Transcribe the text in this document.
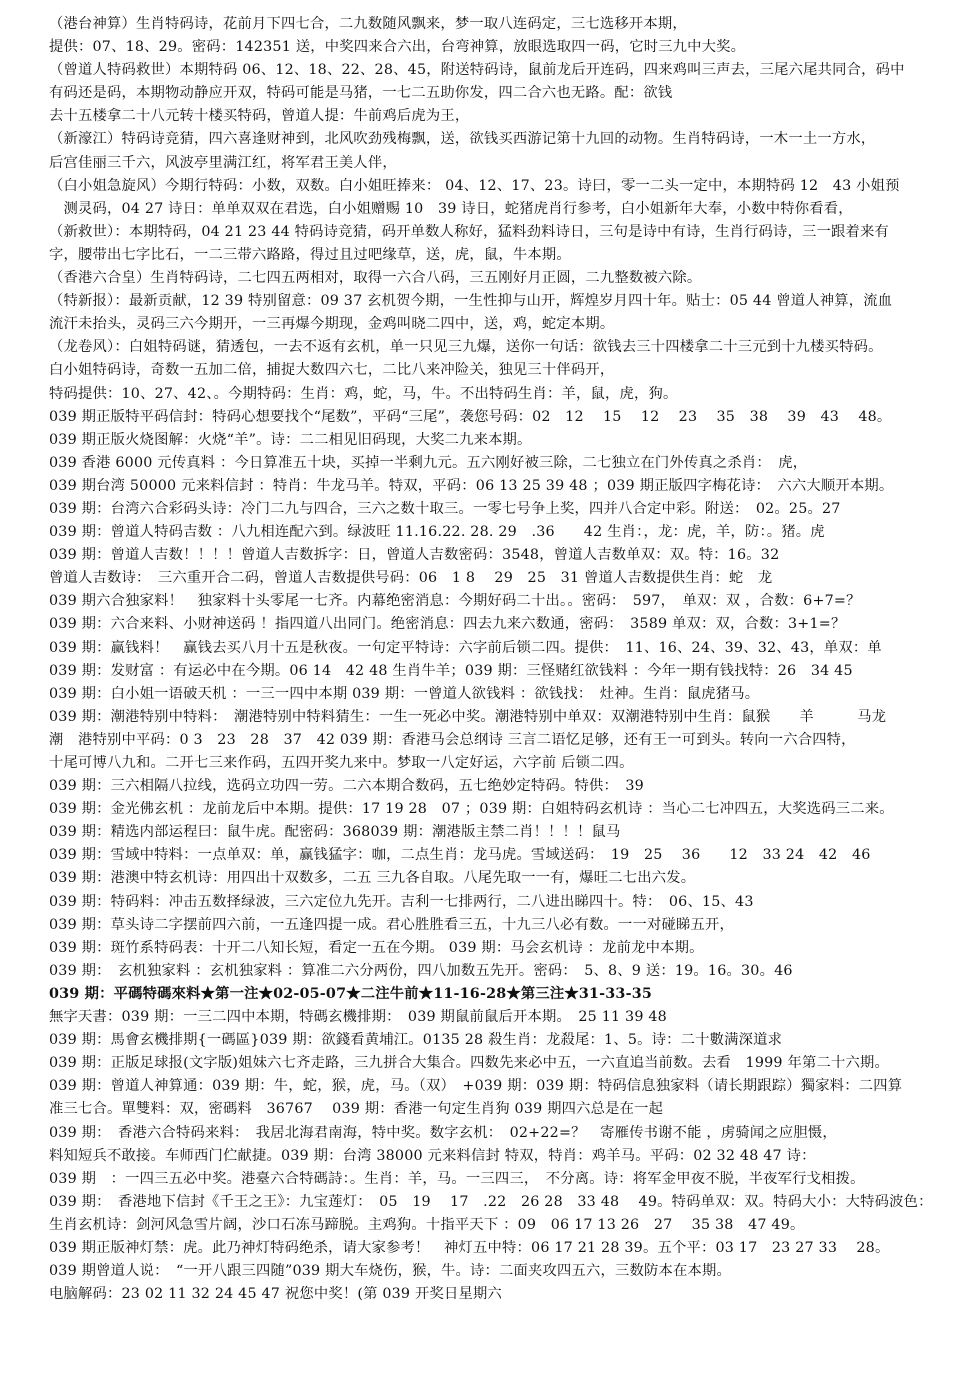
（港台神算）生肖特码诗，花前月下四七合，二九数随风飘来，梦一取八连码定，三七选移开本期，
提供：07、18、29。密码：142351 送，中奖四来合六出，台弯神算，放眼选取四一码，它时三九中大奖。
（曾道人特码救世）本期特码 06、12、18、22、28、45，附送特码诗，鼠前龙后开连码，四来鸡叫三声去，三尾六尾共同合，码中
有码还是码，本期物动静应开双，特码可能是马猪，一七二五助你发，四二合六也无路。配：欲钱
去十五楼拿二十八元转十楼买特码，曾道人提：牛前鸡后虎为王，
（新濠江）特码诗竞猜，四六喜逢财神到，北风吹劲残梅飘，送，欲钱买西游记第十九回的动物。生肖特码诗，一木一土一方水，
后宫佳丽三千六，风波亭里满江红，将军君王美人伴，
（白小姐急旋风）今期行特码：小数，双数。白小姐旺捧来： 04、12、17、23。诗曰，零一二头一定中，本期特码 12　43 小姐预
　测灵码，04 27 诗日：单单双双在君选，白小姐赠赐 10　39 诗日，蛇猪虎肖行参考，白小姐新年大奉，小数中特你看看，
（新救世）：本期特码，04 21 23 44 特码诗竞猜，码开单数人称好，猛料劲料诗日，三句是诗中有诗，生肖行码诗，三一跟着来有
字，腰带出七字比石，一二三带六路路，得过且过吧缘草，送，虎，鼠，牛本期。
（香港六合皇）生肖特码诗，二七四五两相对，取得一六合八码，三五刚好月正圆，二九整数被六除。
（特新报）：最新贡献，12 39 特别留意：09 37 玄机贺今期，一生性抑与山开，辉煌岁月四十年。贴士：05 44 曾道人神算，流血
流汗未抬头，灵码三六今期开，一三再爆今期现，金鸡叫晓二四中，送，鸡，蛇定本期。
（龙卷风）：白姐特码谜，猜透包，一去不返有玄机，单一只见三九爆，送你一句话：欲钱去三十四楼拿二十三元到十九楼买特码。
白小姐特码诗，奇数一五加二倍，捕捉大数四六七，二比八来冲险关，独见三十伴码开，
特码提供：10、27、42、。今期特码：生肖：鸡，蛇，马，牛。不出特码生肖：羊，鼠，虎，狗。
039 期正版特平码信封：特码心想要找个“尾数”，平码“三尾”，袭您号码：02　12　 15　 12　 23　 35　38　 39　43　 48。
039 期正版火烧图解：火烧“羊”。诗：二二相见旧码现，大奖二九来本期。
039 香港 6000 元传真料 ：今日算准五十块，买掉一半剩九元。五六刚好被三除，二七独立在门外传真之杀肖：　虎，
039 期台湾 50000 元来料信封 ：特肖：牛龙马羊。特双，平码：06 13 25 39 48 ；039 期正版四字梅花诗：　六六大顺开本期。
039 期：台湾六合彩码头诗：冷门二九与四合，三六之数十取三。一零七号争上奖，四并八合定中彩。附送：　02。25。27
039 期：曾道人特码吉数 ：八九相连配六到。绿波旺 11.16.22. 28. 29　.36　　42 生肖：，龙：虎，羊，防：。猪。虎
039 期：曾道人吉数！！！！曾道人吉数拆字：日，曾道人吉数密码：3548，曾道人吉数单双：双。特：16。32
曾道人吉数诗：　三六重开合二码，曾道人吉数提供号码：06　1 8　 29　25　31 曾道人吉数提供生肖：蛇　龙
039 期六合独家料！　独家料十头零尾一七齐。内幕绝密消息：今期好码二十出。。密码：　597，　单双：双 ，合数：6+7=？
039 期：六合来料、小财神送码 ！指四道八出同门。绝密消息：四去九来六数通，密码：　3589 单双：双，合数：3+1=？
039 期：赢钱料！　赢钱去买八月十五是秋夜。一句定平特诗：六字前后锁二四。提供：　11、16、24、39、32、43，单双：单
039 期：发财富 ：有运必中在今期。06 14　42 48 生肖牛羊；039 期：三怪赌红欲钱料 ：今年一期有钱找特：26　34 45
039 期：白小姐一语破天机 ：一三一四中本期 039 期：一曾道人欲钱料 ：欲钱找：　灶神。生肖：鼠虎猪马。
039 期：潮港特别中特料：　潮港特别中特料猜生：一生一死必中奖。潮港特别中单双：双潮港特别中生肖：鼠猴　　羊　　　马龙
潮　港特别中平码：0 3　23　28　37　42 039 期：香港马会总纲诗 三言二语忆足够，还有王一可到头。转向一六合四特，
十尾可博八九和。二开七三来作码，五四开奖九来中。梦取一八定好运，六字前 后锁二四。
039 期：三六相隔八拉线，选码立功四一劳。二六本期合数码，五七绝妙定特码。特供：　39
039 期：金光佛玄机 ：龙前龙后中本期。提供：17 19 28　07 ；039 期：白姐特码玄机诗 ：当心二七冲四五，大奖选码三二来。
039 期：精选内部运程曰：鼠牛虎。配密码：368039 期：潮港版主禁二肖！！！！鼠马
039 期：雪域中特料：一点单双：单，赢钱猛字：咖，二点生肖：龙马虎。雪域送码：　19　25　 36　　12　33 24　42　46
039 期：港澳中特玄机诗：用四出十双数多，二五 三九各自取。八尾先取一一有，爆旺二七出六发。
039 期：特码料：冲击五数择绿波，三六定位九先开。吉利一七排两行，二八进出睇四十。特：　06、15、43
039 期：草头诗二字摆前四六前，一五逢四提一成。君心胜胜看三五，十九三八必有数。一一对碰睇五开，
039 期：斑竹系特码表：十开二八知长短，看定一五在今期。 039 期：马会玄机诗 ：龙前龙中本期。
039 期：　玄机独家料 ：玄机独家料 ：算准二六分两份，四八加数五先开。密码：　5、8、9 送：19。16。30。46
039 期：平碼特碼來料★第一注★02-05-07★二注牛前★11-16-28★第三注★31-33-35
無字天書：039 期：一三二四中本期，特碼玄機排期：　039 期鼠前鼠后开本期。　25 11 39 48
039 期：馬會玄機排期{一碼區}039 期：欲錢看黄埔江。0135 28 殺生肖：龙殺尾：1、5。诗：二十數满深道求
039 期：正版足球报(文字版)姐妹六七齐走路，三九拼合大集合。四数先来必中五，一六直追当前数。去看　1999 年第二十六期。
039 期：曾道人神算通：039 期：牛，蛇，猴，虎，马。（双）　+039 期：039 期：特码信息独家料（请长期跟踪）獨家料：二四算
准三七合。單雙料：双，密碼料　36767　 039 期：香港一句定生肖狗 039 期四六总是在一起
039 期：　香港六合特码来料：　我居北海君南海，特中奖。数字玄机：　02+22=？　寄雁传书谢不能 ，虏骑闻之应胆慑，
料知短兵不敢接。车师西门伫献捷。039 期：台湾 38000 元来料信封 特双，特肖：鸡羊马。平码：02 32 48 47 诗：
039 期　：一四三五必中奖。港臺六合特碼詩：。生肖：羊，马。一三四三，　不分离。诗：将军金甲夜不脱，半夜军行戈相拨。
039 期：　香港地下信封《千王之王》：九宝莲灯：　05　19　 17　.22　26 28　33 48　 49。特码单双：双。特码大小：大特码波色：
生肖玄机诗：剑河风急雪片阔，沙口石冻马蹄脱。主鸡狗。十指平天下 ：09　06 17 13 26　27　 35 38　47 49。
039 期正版神灯禁：虎。此乃神灯特码绝杀，请大家参考！　神灯五中特：06 17 21 28 39。五个平：03 17　23 27 33　 28。
039 期曾道人说：　“一开八跟三四随”039 期大车烧伤，猴，牛。诗：二面夹攻四五六，三数防本在本期。
电脑解码：23 02 11 32 24 45 47 祝您中奖！(第 039 开奖日星期六
